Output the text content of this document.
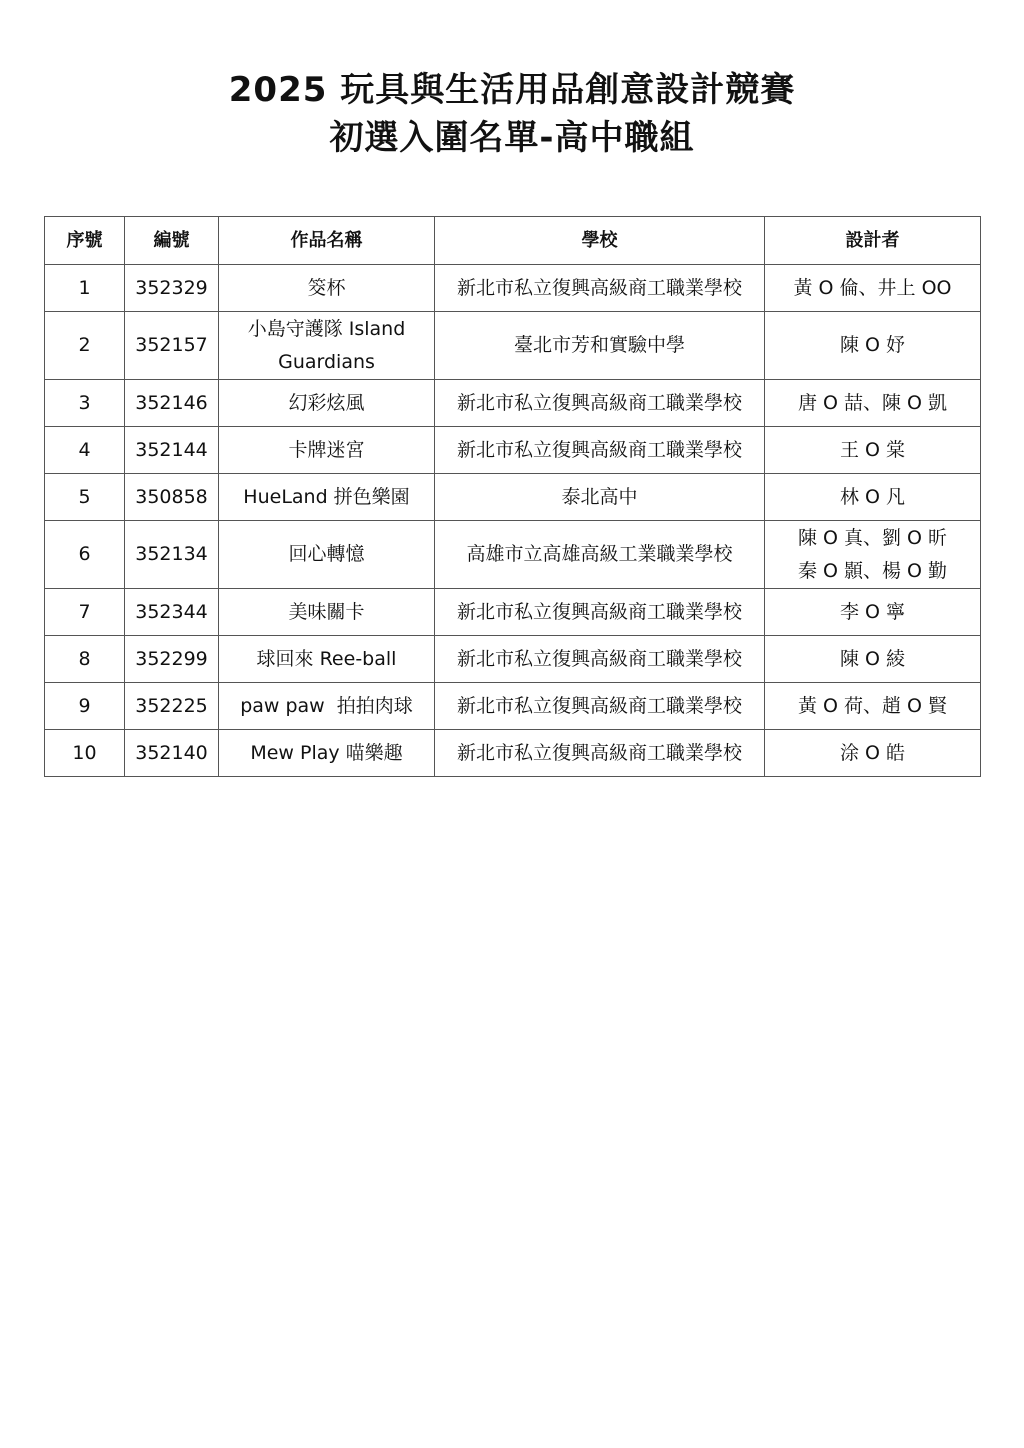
2025 玩具與生活用品創意設計競賽
初選入圍名單-高中職組
序號	編號	作品名稱	學校	設計者
1	352329	筊杯	新北市私立復興高級商工職業學校	黃 O 倫、井上 OO

2	352157	小島守護隊 Island
Guardians	臺北市芳和實驗中學	陳 O 妤

3	352146	幻彩炫風	新北市私立復興高級商工職業學校	唐 O 喆、陳 O 凱

4	352144	卡牌迷宮	新北市私立復興高級商工職業學校	王 O 棠

5	350858	HueLand 拼色樂園	泰北高中	林 O 凡

6	352134	回心轉憶	高雄市立高雄高級工業職業學校	陳 O 真、劉 O 昕
秦 O 顥、楊 O 勤

7	352344	美味關卡	新北市私立復興高級商工職業學校	李 O 寧

8	352299	球回來 Ree-ball	新北市私立復興高級商工職業學校	陳 O 綾

9	352225	paw paw  拍拍肉球	新北市私立復興高級商工職業學校	黃 O 荷、趙 O 賢

10	352140	Mew Play 喵樂趣	新北市私立復興高級商工職業學校	涂 O 皓
